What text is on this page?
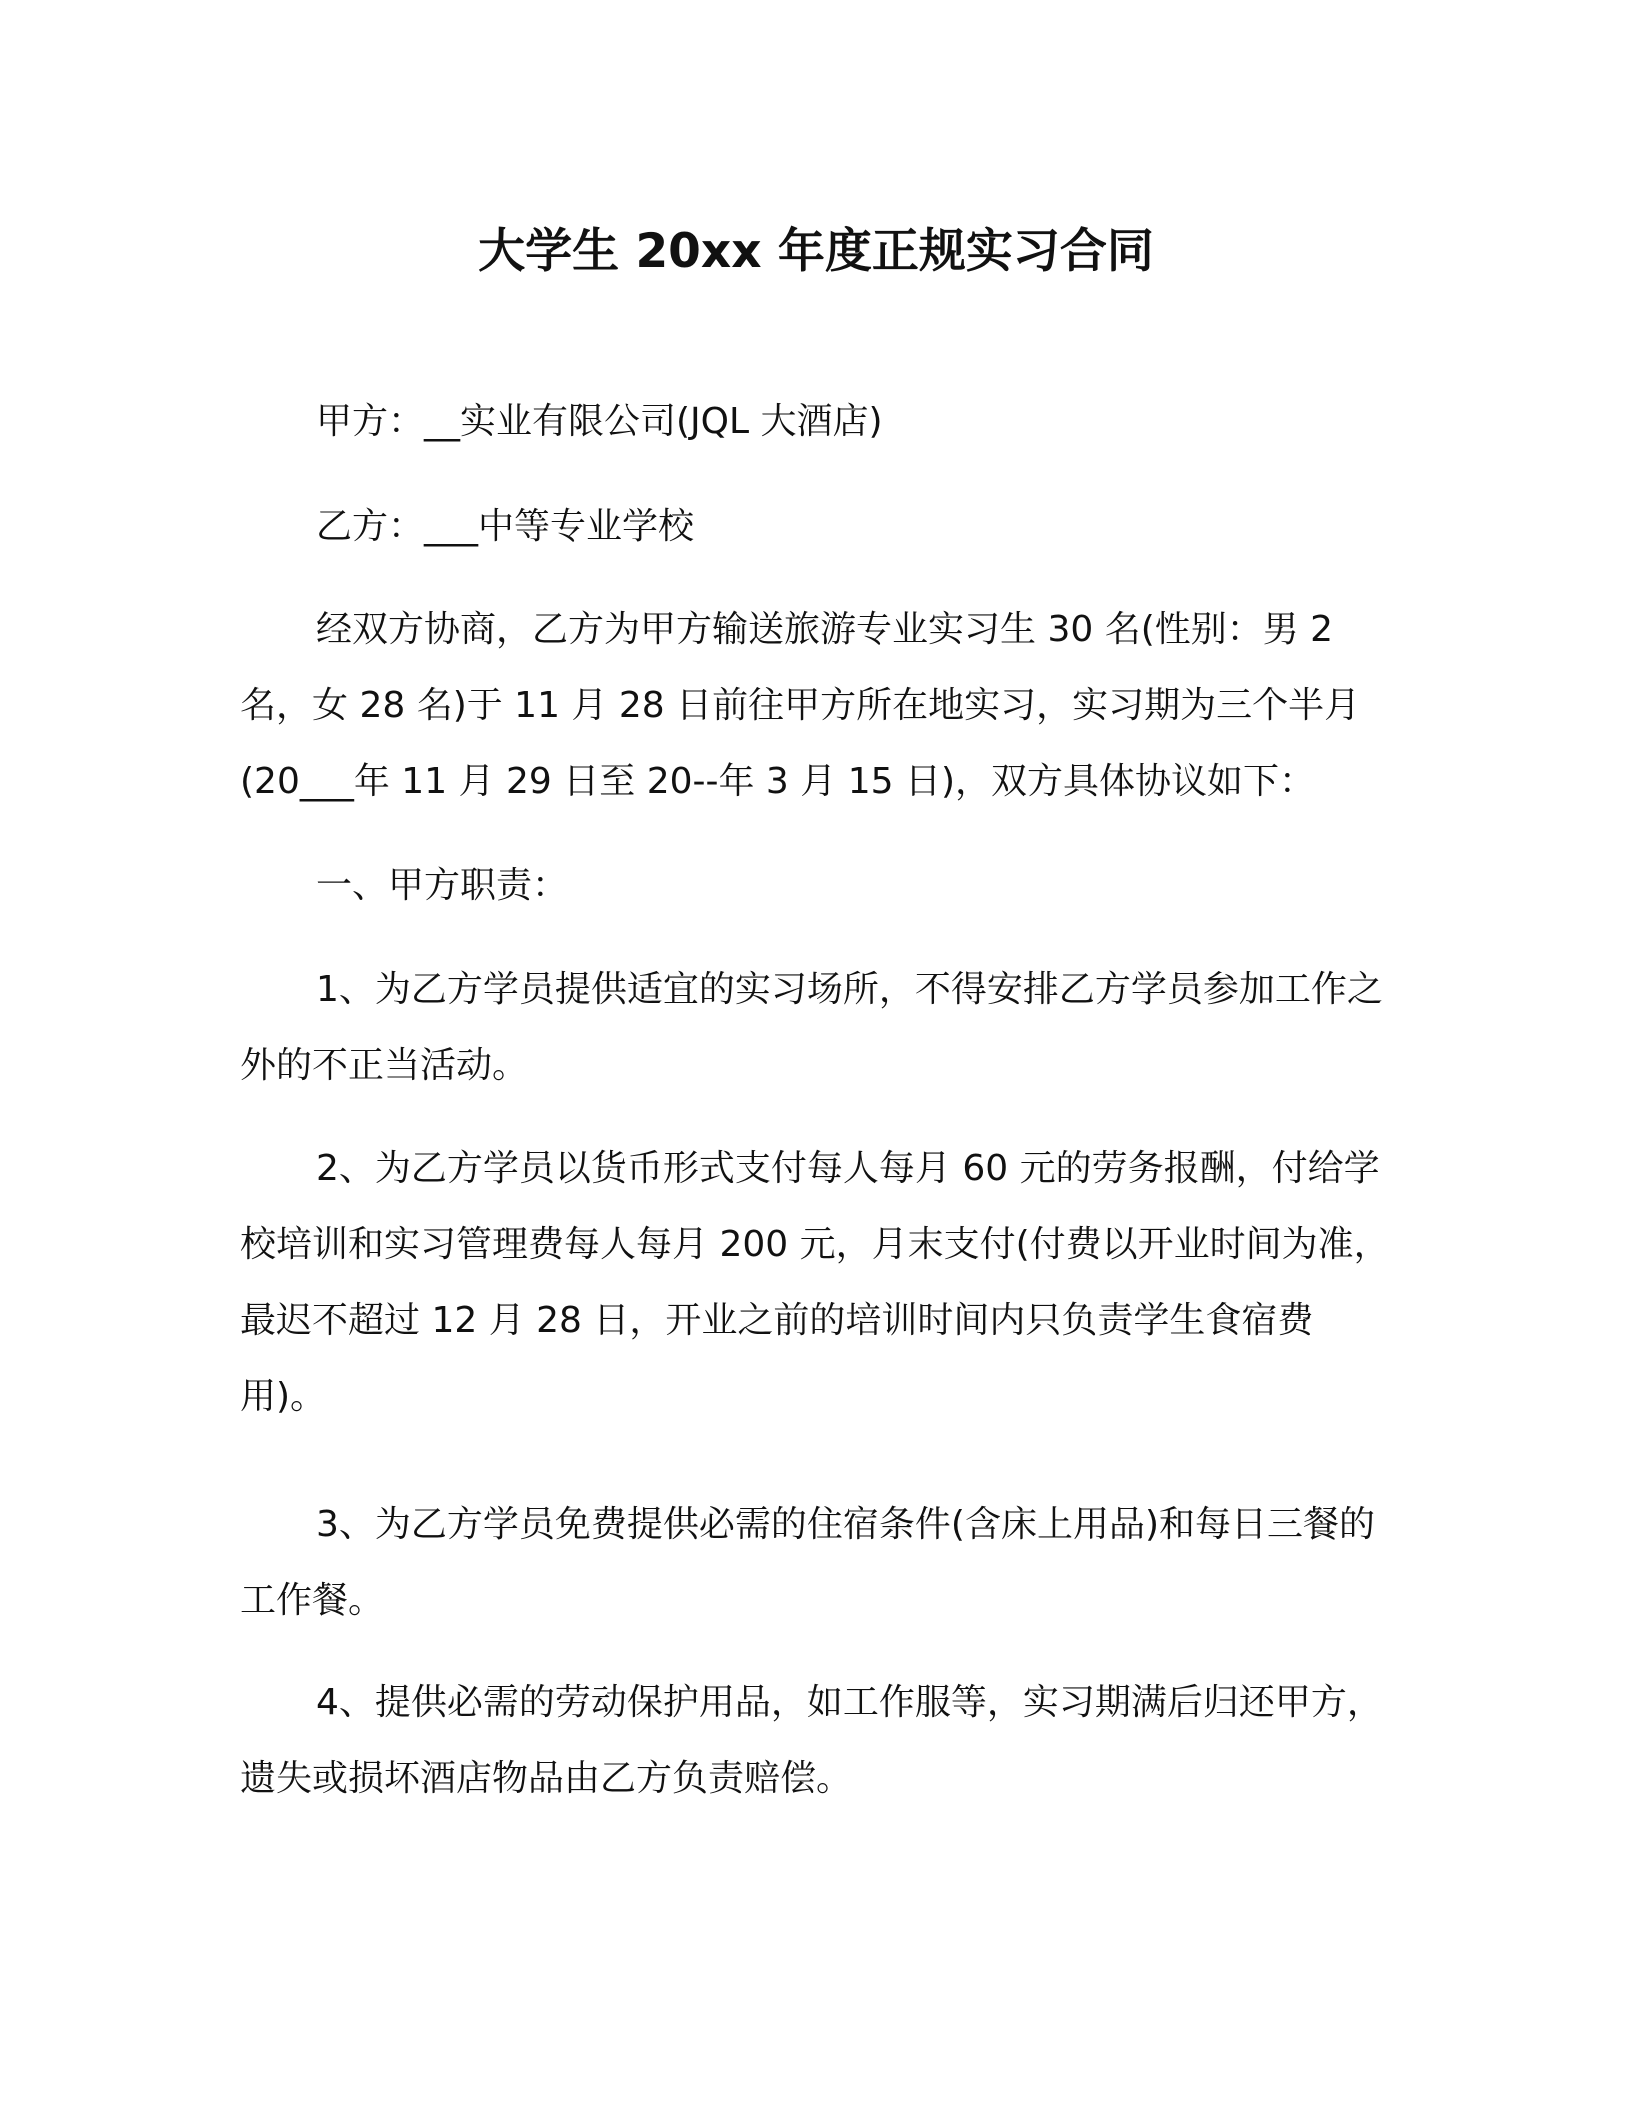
大学生 20xx 年度正规实习合同

甲方：__实业有限公司(JQL 大酒店)

乙方：___中等专业学校

经双方协商，乙方为甲方输送旅游专业实习生 30 名(性别：男 2 名，女 28 名)于 11 月 28 日前往甲方所在地实习，实习期为三个半月(20___年 11 月 29 日至 20--年 3 月 15 日)，双方具体协议如下：

一、甲方职责：

1、为乙方学员提供适宜的实习场所，不得安排乙方学员参加工作之外的不正当活动。

2、为乙方学员以货币形式支付每人每月 60 元的劳务报酬，付给学校培训和实习管理费每人每月 200 元，月末支付(付费以开业时间为准，最迟不超过 12 月 28 日，开业之前的培训时间内只负责学生食宿费用)。

3、为乙方学员免费提供必需的住宿条件(含床上用品)和每日三餐的工作餐。

4、提供必需的劳动保护用品，如工作服等，实习期满后归还甲方，遗失或损坏酒店物品由乙方负责赔偿。
